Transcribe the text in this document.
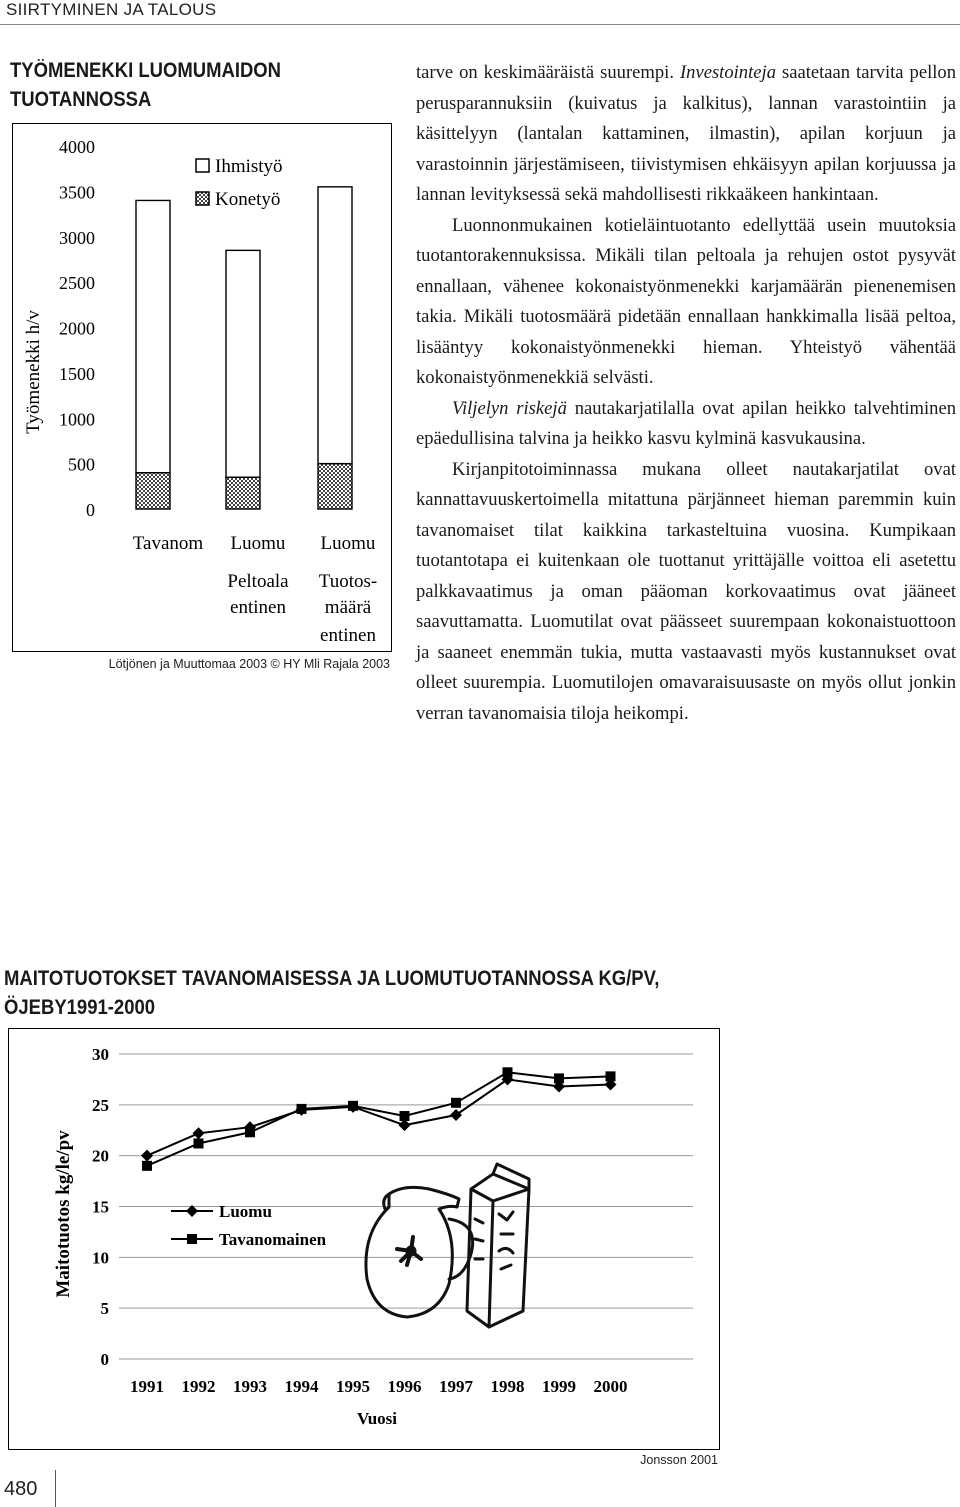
SIIRTYMINEN JA TALOUS
TYÖMENEKKI LUOMUMAIDON
TUOTANNOSSA
0
500
1000
1500
2000
2500
3000
3500
4000
Tavanom Luomu
Peltoala
entinen
Luomu
Tuotos-
määrä
entinen
Työmenekki h/v
Ihmistyö
Konetyö
Lötjönen ja Muuttomaa 2003 © HY Mli Rajala 2003

tarve on keskimääräistä suurempi. Investointeja saatetaan tarvita pellon perusparannuksiin (kuivatus ja kalkitus), lannan varastointiin ja käsittelyyn (lantalan kattaminen, ilmastin), apilan korjuun ja varastoinnin järjestämiseen, tiivistymisen ehkäisyyn apilan korjuussa ja lannan levityksessä sekä mahdollisesti rikkaäkeen hankintaan.

Luonnonmukainen kotieläintuotanto edellyttää usein muutoksia tuotantorakennuksissa. Mikäli tilan peltoala ja rehujen ostot pysyvät ennallaan, vähenee kokonaistyönmenekki karjamäärän pienenemisen takia. Mikäli tuotosmäärä pidetään ennallaan hankkimalla lisää peltoa, lisääntyy kokonaistyönmenekki hieman. Yhteistyö vähentää kokonaistyönmenekkiä selvästi.

Viljelyn riskejä nautakarjatilalla ovat apilan heikko talvehtiminen epäedullisina talvina ja heikko kasvu kylminä kasvukausina.

Kirjanpitotoiminnassa mukana olleet nautakarjatilat ovat kannattavuuskertoimella mitattuna pärjänneet hieman paremmin kuin tavanomaiset tilat kaikkina tarkasteltuina vuosina. Kumpikaan tuotantotapa ei kuitenkaan ole tuottanut yrittäjälle voittoa eli asetettu palkkavaatimus ja oman pääoman korkovaatimus ovat jääneet saavuttamatta. Luomutilat ovat päässeet suurempaan kokonaistuottoon ja saaneet enemmän tukia, mutta vastaavasti myös kustannukset ovat olleet suurempia. Luomutilojen omavaraisuusaste on myös ollut jonkin verran tavanomaisia tiloja heikompi.

MAITOTUOTOKSET TAVANOMAISESSA JA LUOMUTUOTANNOSSA KG/PV,
ÖJEBY1991-2000
0
5
10
15
20
25
30
1991 1992 1993 1994 1995 1996 1997 1998 1999 2000
Maitotuotos kg/le/pv
Vuosi
Luomu
Tavanomainen
Jonsson 2001
480
